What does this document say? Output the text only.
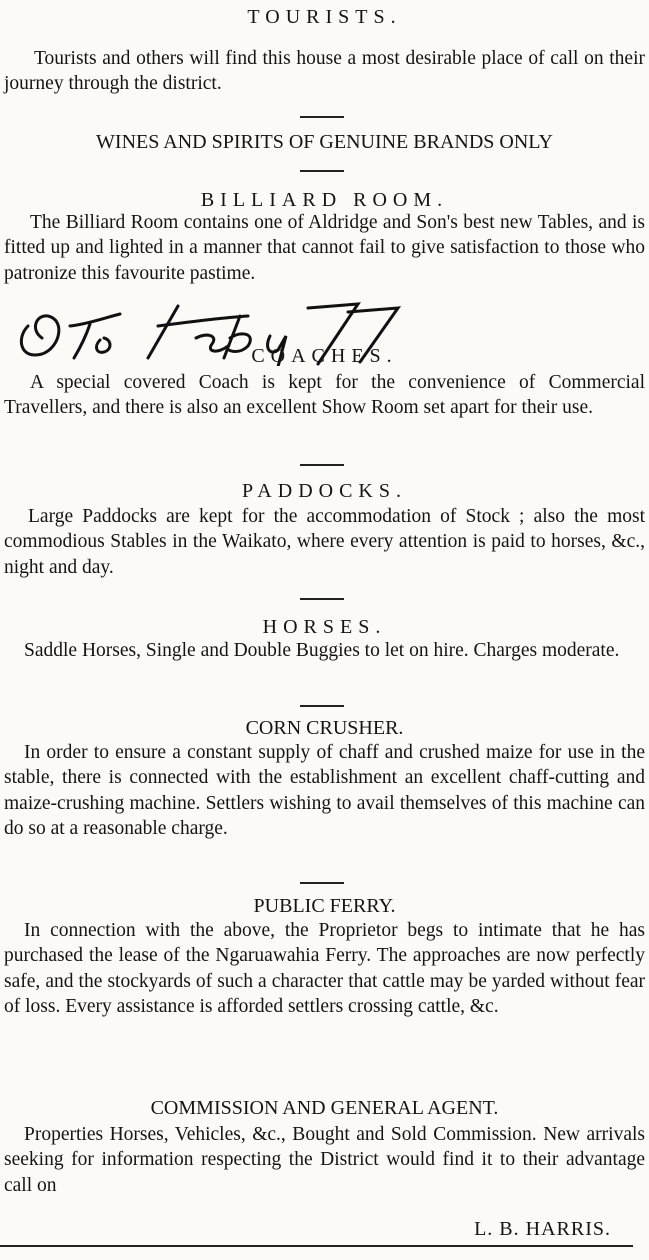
TOURISTS.

Tourists and others will find this house a most desirable place of call on their journey through the district.

WINES AND SPIRITS OF GENUINE BRANDS ONLY
BILLIARD ROOM.

The Billiard Room contains one of Aldridge and Son's best new Tables, and is fitted up and lighted in a manner that cannot fail to give satisfaction to those who patronize this favourite pastime.

COACHES.

A special covered Coach is kept for the convenience of Commercial Travellers, and there is also an excellent Show Room set apart for their use.

PADDOCKS.

Large Paddocks are kept for the accommodation of Stock ; also the most commodious Stables in the Waikato, where every attention is paid to horses, &c., night and day.

HORSES.

Saddle Horses, Single and Double Buggies to let on hire. Charges moderate.

CORN CRUSHER.

In order to ensure a constant supply of chaff and crushed maize for use in the stable, there is connected with the establishment an excellent chaff-cutting and maize-crushing machine. Settlers wishing to avail themselves of this machine can do so at a reasonable charge.

PUBLIC FERRY.

In connection with the above, the Proprietor begs to intimate that he has purchased the lease of the Ngaruawahia Ferry. The approaches are now perfectly safe, and the stockyards of such a character that cattle may be yarded without fear of loss. Every assistance is afforded settlers crossing cattle, &c.

COMMISSION AND GENERAL AGENT.

Properties Horses, Vehicles, &c., Bought and Sold Commission. New arrivals seeking for information respecting the District would find it to their advantage call on

L. B. HARRIS.
